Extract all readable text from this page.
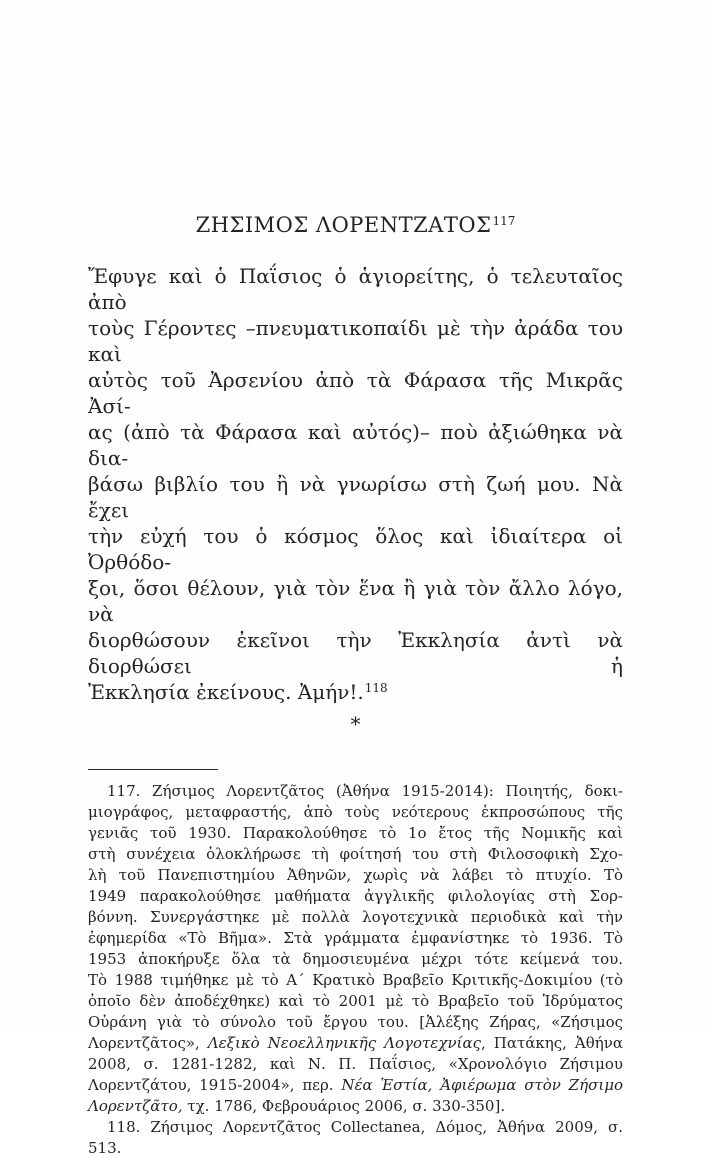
ΖΗΣΙΜΟΣ ΛΟΡΕΝΤΖΑΤΟΣ$^{117}$
Ἔφυγε καὶ ὁ Παΐσιος ὁ ἁγιορείτης, ὁ τελευταῖος ἀπὸ
τοὺς Γέροντες –πνευματικοπαίδι μὲ τὴν ἀράδα του καὶ
αὐτὸς τοῦ Ἀρσενίου ἀπὸ τὰ Φάρασα τῆς Μικρᾶς Ἀσί-
ας (ἀπὸ τὰ Φάρασα καὶ αὐτός)– ποὺ ἀξιώθηκα νὰ δια-
βάσω βιβλίο του ἢ νὰ γνωρίσω στὴ ζωή μου. Νὰ ἔχει
τὴν εὐχή του ὁ κόσμος ὅλος καὶ ἰδιαίτερα οἱ Ὀρθόδο-
ξοι, ὅσοι θέλουν, γιὰ τὸν ἕνα ἢ γιὰ τὸν ἄλλο λόγο, νὰ
διορθώσουν ἐκεῖνοι τὴν Ἐκκλησία ἀντὶ νὰ διορθώσει ἡ
Ἐκκλησία ἐκείνους. Ἀμήν!.$^{118}$
*
117. Ζήσιμος Λορεντζᾶτος (Ἀθήνα 1915-2014): Ποιητής, δοκι-
μιογράφος, μεταφραστής, ἀπὸ τοὺς νεότερους ἐκπροσώπους τῆς
γενιᾶς τοῦ 1930. Παρακολούθησε τὸ 1ο ἔτος τῆς Νομικῆς καὶ
στὴ συνέχεια ὁλοκλήρωσε τὴ φοίτησή του στὴ Φιλοσοφικὴ Σχο-
λὴ τοῦ Πανεπιστημίου Ἀθηνῶν, χωρὶς νὰ λάβει τὸ πτυχίο. Τὸ
1949 παρακολούθησε μαθήματα ἀγγλικῆς φιλολογίας στὴ Σορ-
βόννη. Συνεργάστηκε μὲ πολλὰ λογοτεχνικὰ περιοδικὰ καὶ τὴν
ἐφημερίδα «Τὸ Βῆμα». Στὰ γράμματα ἐμφανίστηκε τὸ 1936. Τὸ
1953 ἀποκήρυξε ὅλα τὰ δημοσιευμένα μέχρι τότε κείμενά του.
Τὸ 1988 τιμήθηκε μὲ τὸ Α´ Κρατικὸ Βραβεῖο Κριτικῆς-Δοκιμίου (τὸ
ὁποῖο δὲν ἀποδέχθηκε) καὶ τὸ 2001 μὲ τὸ Βραβεῖο τοῦ Ἱδρύματος
Οὐράνη γιὰ τὸ σύνολο τοῦ ἔργου του. [Ἀλέξης Ζήρας, «Ζήσιμος
Λορεντζᾶτος», Λεξικὸ Νεοελληνικῆς Λογοτεχνίας, Πατάκης, Ἀθήνα
2008, σ. 1281-1282, καὶ Ν. Π. Παΐσιος, «Χρονολόγιο Ζήσιμου
Λορεντζάτου, 1915-2004», περ. Νέα Ἑστία, Ἀφιέρωμα στὸν Ζήσιμο
Λορεντζᾶτο, τχ. 1786, Φεβρουάριος 2006, σ. 330-350].
118. Ζήσιμος Λορεντζᾶτος Collectanea, Δόμος, Ἀθήνα 2009, σ. 513.
